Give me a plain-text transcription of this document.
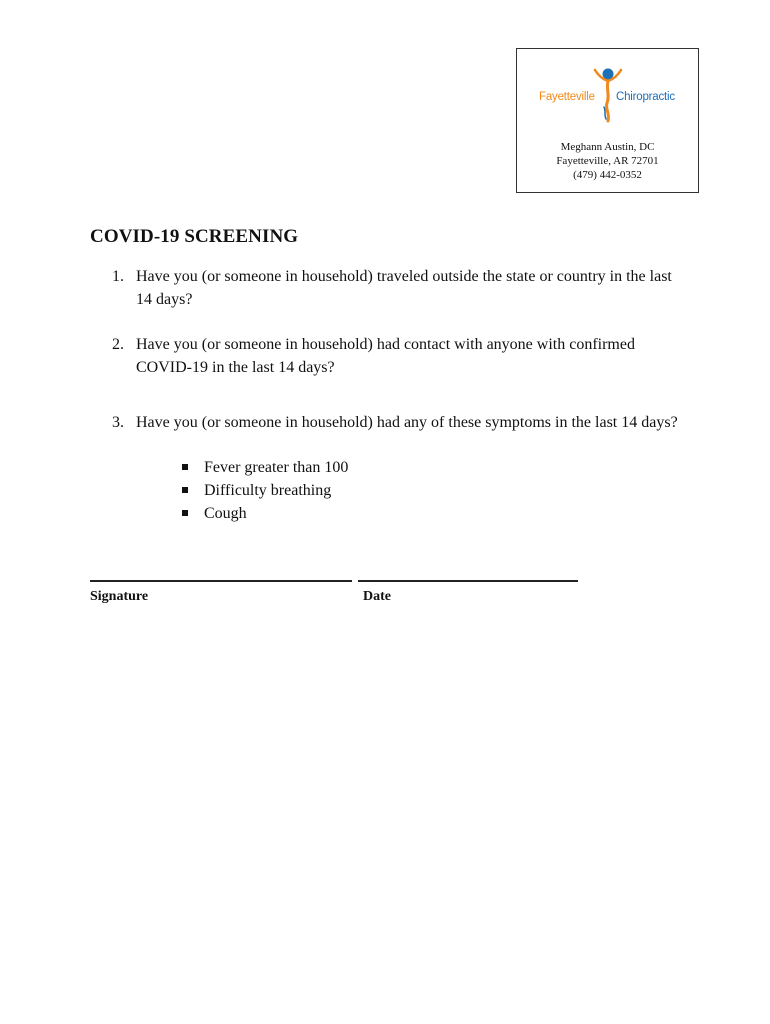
Fayetteville Chiropractic
Meghann Austin, DC
Fayetteville, AR 72701
(479) 442-0352
COVID-19 SCREENING
1. Have you (or someone in household) traveled outside the state or country in the last 14 days?
2. Have you (or someone in household) had contact with anyone with confirmed COVID-19 in the last 14 days?
3. Have you (or someone in household) had any of these symptoms in the last 14 days?
Fever greater than 100
Difficulty breathing
Cough
Signature	Date
